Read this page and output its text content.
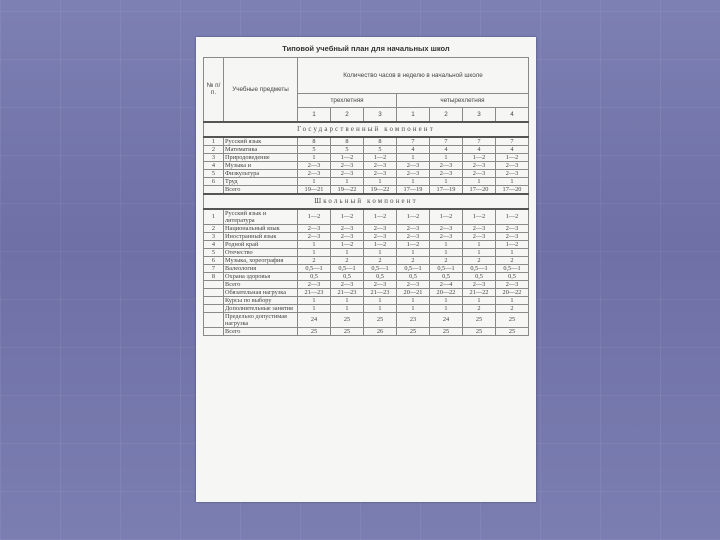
Типовой учебный план для начальных школ
№ п/п.	Учебные предметы	Количество часов в неделю в начальной школе						
		трехлетняя			четырехлетняя			
		1	2	3	1	2	3	4
Государственный компонент								
1	Русский язык	8	8	8	7	7	7	7
2	Математика	5	5	5	4	4	4	4
3	Природоведение	1	1—2	1—2	1	1	1—2	1—2
4	Музыка и	2—3	2—3	2—3	2—3	2—3	2—3	2—3
5	Физкультура	2—3	2—3	2—3	2—3	2—3	2—3	2—3
6	Труд	1	1	1	1	1	1	1
	Всего	19—21	19—22	19—22	17—19	17—19	17—20	17—20
Школьный компонент								
1	Русский язык и литература	1—2	1—2	1—2	1—2	1—2	1—2	1—2
2	Национальный язык	2—3	2—3	2—3	2—3	2—3	2—3	2—3
3	Иностранный язык	2—3	2—3	2—3	2—3	2—3	2—3	2—3
4	Родной край	1	1—2	1—2	1—2	1	1	1—2
5	Отечество	1	1	1	1	1	1	1
6	Музыка, хореография	2	2	2	2	2	2	2
7	Валеология	0,5—1	0,5—1	0,5—1	0,5—1	0,5—1	0,5—1	0,5—1
8	Охрана здоровья	0,5	0,5	0,5	0,5	0,5	0,5	0,5
	Всего	2—3	2—3	2—3	2—3	2—4	2—3	2—3
	Обязательная нагрузка	21—23	21—23	21—23	20—21	20—22	21—22	20—22
	Курсы по выбору	1	1	1	1	1	1	1
	Дополнительные занятия	1	1	1	1	1	2	2
	Предельно допустимая нагрузка	24	25	25	23	24	25	25
	Всего	25	25	26	25	25	25	25
